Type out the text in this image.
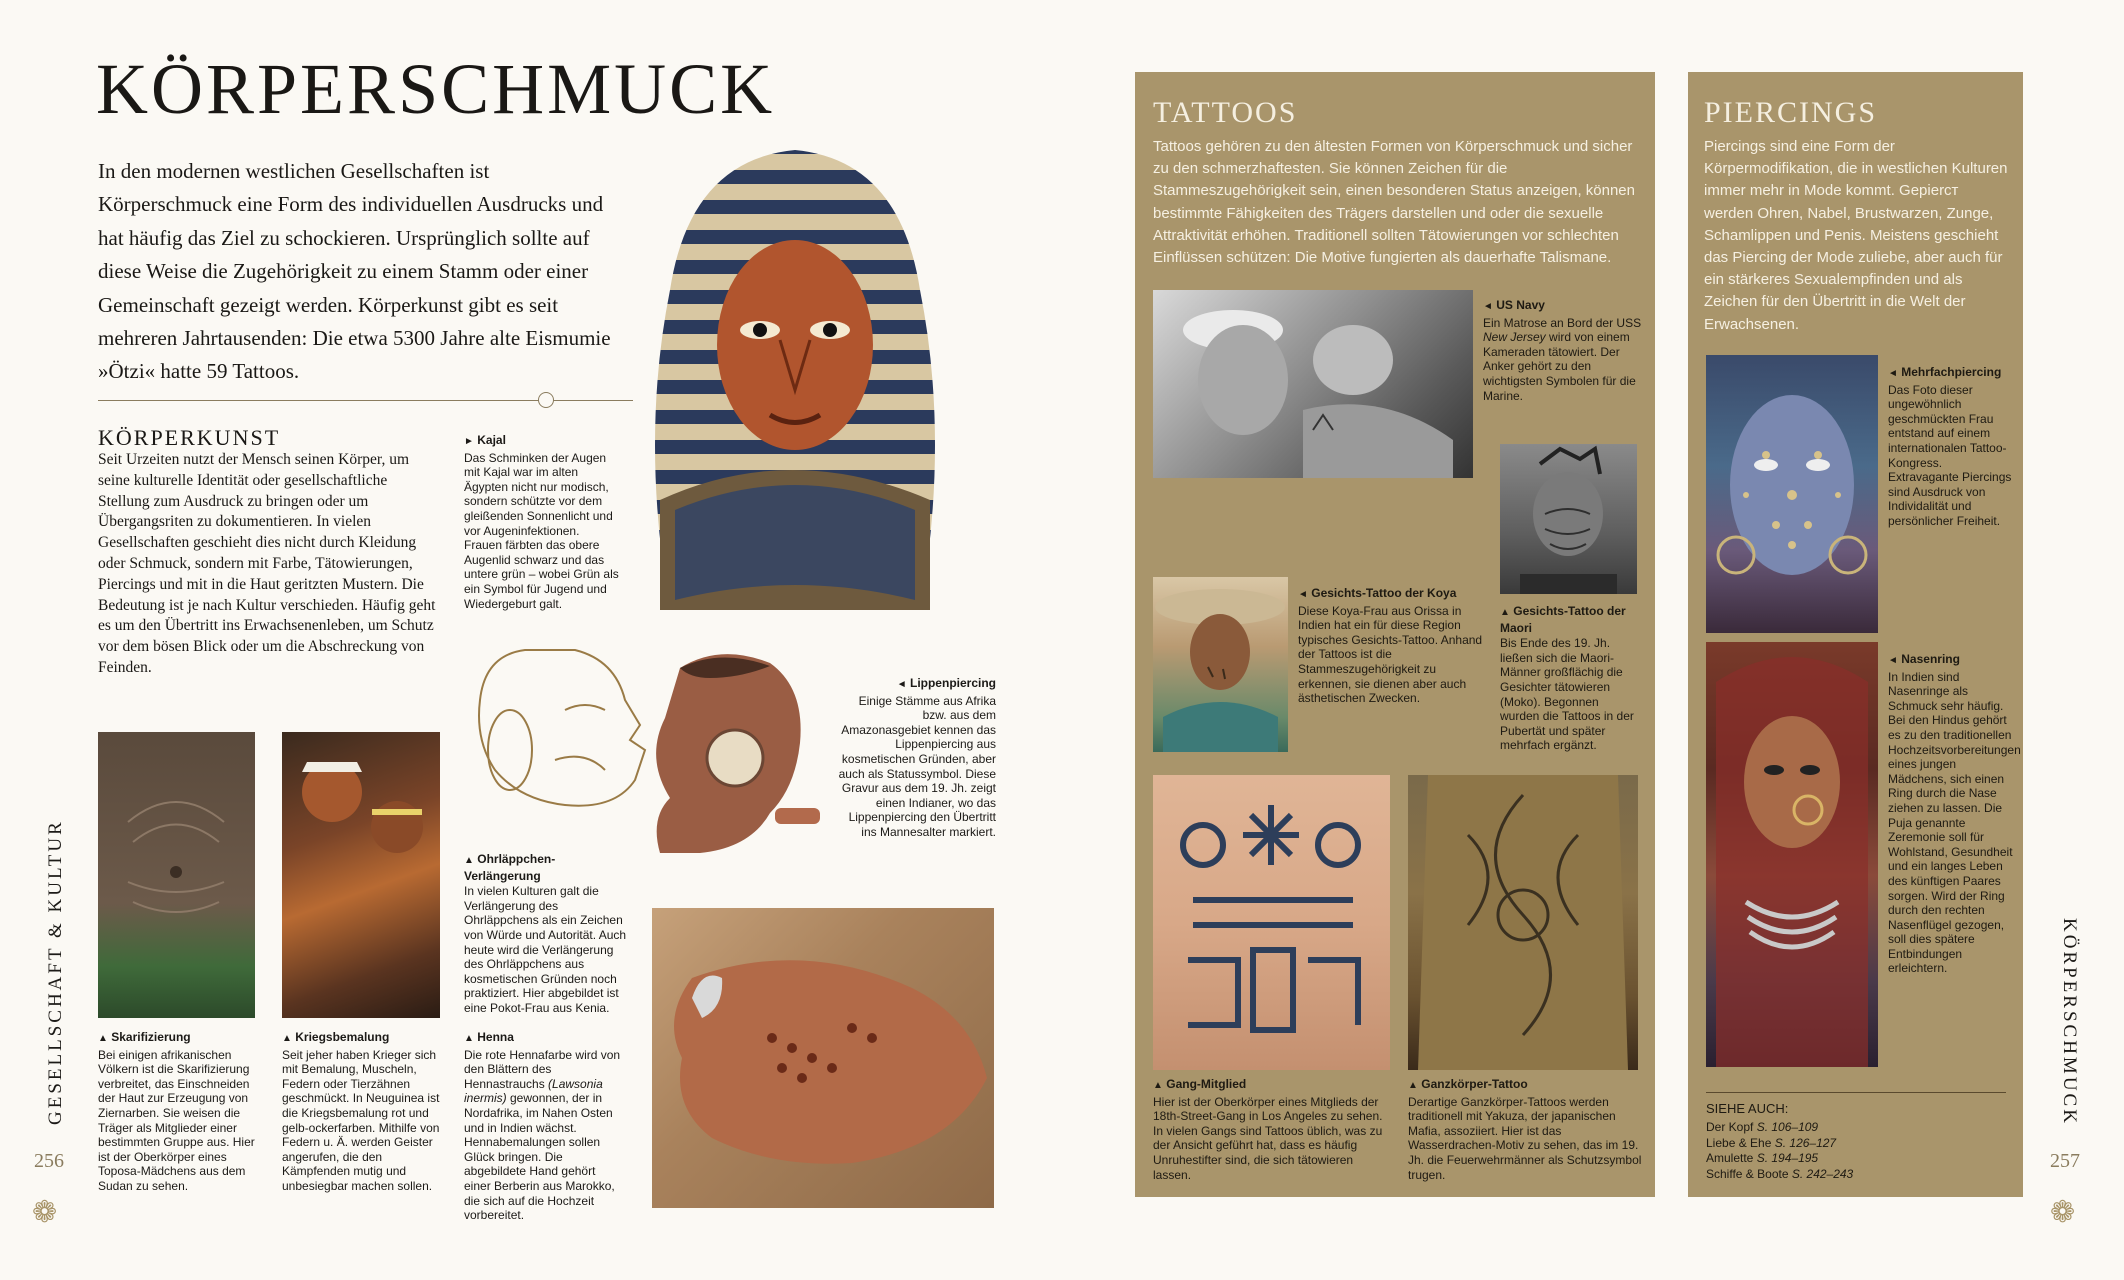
KÖRPERSCHMUCK

In den modernen westlichen Gesellschaften ist Körperschmuck eine Form des individuellen Ausdrucks und hat häufig das Ziel zu schockieren. Ursprünglich sollte auf diese Weise die Zugehörigkeit zu einem Stamm oder einer Gemeinschaft gezeigt werden. Körperkunst gibt es seit mehreren Jahrtausenden: Die etwa 5300 Jahre alte Eismumie »Ötzi« hatte 59 Tattoos.

KÖRPERKUNST

Seit Urzeiten nutzt der Mensch seinen Körper, um seine kulturelle Identität oder gesellschaftliche Stellung zum Ausdruck zu bringen oder um Übergangsriten zu dokumentieren. In vielen Gesellschaften geschieht dies nicht durch Kleidung oder Schmuck, sondern mit Farbe, Tätowierungen, Piercings und mit in die Haut geritzten Mustern. Die Bedeutung ist je nach Kultur verschieden. Häufig geht es um den Übertritt ins Erwachsenenleben, um Schutz vor dem bösen Blick oder um die Abschreckung von Feinden.

► Kajal
Das Schminken der Augen mit Kajal war im alten Ägypten nicht nur modisch, sondern schützte vor dem gleißenden Sonnenlicht und vor Augeninfektionen. Frauen färbten das obere Augenlid schwarz und das untere grün – wobei Grün als ein Symbol für Jugend und Wiedergeburt galt.
◄ Lippenpiercing
Einige Stämme aus Afrika bzw. aus dem Amazonasgebiet kennen das Lippenpiercing aus kosmetischen Gründen, aber auch als Statussymbol. Diese Gravur aus dem 19. Jh. zeigt einen Indianer, wo das Lippenpiercing den Übertritt ins Mannesalter markiert.
▲ Ohrläppchen-Verlängerung
In vielen Kulturen galt die Verlängerung des Ohrläppchens als ein Zeichen von Würde und Autorität. Auch heute wird die Verlängerung des Ohrläppchens aus kosmetischen Gründen noch praktiziert. Hier abgebildet ist eine Pokot-Frau aus Kenia.
▲ Skarifizierung
Bei einigen afrikanischen Völkern ist die Skarifizierung verbreitet, das Einschneiden der Haut zur Erzeugung von Ziernarben. Sie weisen die Träger als Mitglieder einer bestimmten Gruppe aus. Hier ist der Oberkörper eines Toposa-Mädchens aus dem Sudan zu sehen.
▲ Kriegsbemalung
Seit jeher haben Krieger sich mit Bemalung, Muscheln, Federn oder Tierzähnen geschmückt. In Neuguinea ist die Kriegsbemalung rot und gelb-ockerfarben. Mithilfe von Federn u. Ä. werden Geister angerufen, die den Kämpfenden mutig und unbesiegbar machen sollen.
▲ Henna
Die rote Hennafarbe wird von den Blättern des Hennastrauchs (Lawsonia inermis) gewonnen, der in Nordafrika, im Nahen Osten und in Indien wächst. Hennabemalungen sollen Glück bringen. Die abgebildete Hand gehört einer Berberin aus Marokko, die sich auf die Hochzeit vorbereitet.
GESELLSCHAFT & KULTUR
256
❁
TATTOOS
Tattoos gehören zu den ältesten Formen von Körperschmuck und sicher zu den schmerzhaftesten. Sie können Zeichen für die Stammeszugehörigkeit sein, einen besonderen Status anzeigen, können bestimmte Fähigkeiten des Trägers darstellen und oder die sexuelle Attraktivität erhöhen. Traditionell sollten Tätowierungen vor schlechten Einflüssen schützen: Die Motive fungierten als dauerhafte Talismane.
◄ US Navy
Ein Matrose an Bord der USS New Jersey wird von einem Kameraden tätowiert. Der Anker gehört zu den wichtigsten Symbolen für die Marine.
▲ Gesichts-Tattoo der Maori
Bis Ende des 19. Jh. ließen sich die Maori-Männer großflächig die Gesichter tätowieren (Moko). Begonnen wurden die Tattoos in der Pubertät und später mehrfach ergänzt.
◄ Gesichts-Tattoo der Koya
Diese Koya-Frau aus Orissa in Indien hat ein für diese Region typisches Gesichts-Tattoo. Anhand der Tattoos ist die Stammeszugehörigkeit zu erkennen, sie dienen aber auch ästhetischen Zwecken.
▲ Gang-Mitglied
Hier ist der Oberkörper eines Mitglieds der 18th-Street-Gang in Los Angeles zu sehen. In vielen Gangs sind Tattoos üblich, was zu der Ansicht geführt hat, dass es häufig Unruhestifter sind, die sich tätowieren lassen.
▲ Ganzkörper-Tattoo
Derartige Ganzkörper-Tattoos werden traditionell mit Yakuza, der japanischen Mafia, assoziiert. Hier ist das Wasserdrachen-Motiv zu sehen, das im 19. Jh. die Feuerwehrmänner als Schutzsymbol trugen.
PIERCINGS
Piercings sind eine Form der Körpermodifikation, die in westlichen Kulturen immer mehr in Mode kommt. Gepiercт werden Ohren, Nabel, Brustwarzen, Zunge, Schamlippen und Penis. Meistens geschieht das Piercing der Mode zuliebe, aber auch für ein stärkeres Sexualempfinden und als Zeichen für den Übertritt in die Welt der Erwachsenen.
◄ Mehrfachpiercing
Das Foto dieser ungewöhnlich geschmückten Frau entstand auf einem internationalen Tattoo-Kongress. Extravagante Piercings sind Ausdruck von Individalität und persönlicher Freiheit.
◄ Nasenring
In Indien sind Nasenringe als Schmuck sehr häufig. Bei den Hindus gehört es zu den traditionellen Hochzeitsvorbereitungen eines jungen Mädchens, sich einen Ring durch die Nase ziehen zu lassen. Die Puja genannte Zeremonie soll für Wohlstand, Gesundheit und ein langes Leben des künftigen Paares sorgen. Wird der Ring durch den rechten Nasenflügel gezogen, soll dies spätere Entbindungen erleichtern.
SIEHE AUCH:
Der Kopf S. 106–109
Liebe & Ehe S. 126–127
Amulette S. 194–195
Schiffe & Boote S. 242–243
KÖRPERSCHMUCK
257
❁
